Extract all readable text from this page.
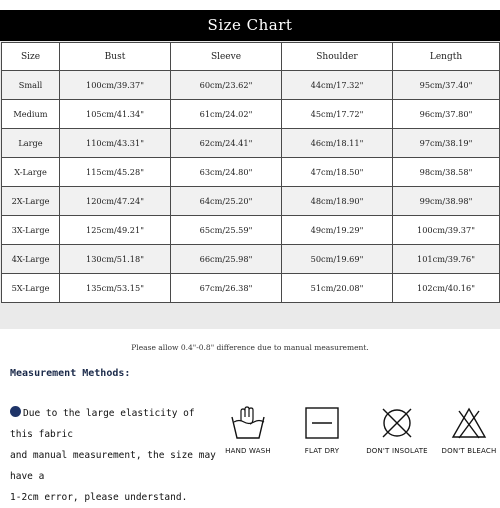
Size Chart
Size	Bust	Sleeve	Shoulder	Length
Small	100cm/39.37"	60cm/23.62"	44cm/17.32"	95cm/37.40"
Medium	105cm/41.34"	61cm/24.02"	45cm/17.72"	96cm/37.80"
Large	110cm/43.31"	62cm/24.41"	46cm/18.11"	97cm/38.19"
X-Large	115cm/45.28"	63cm/24.80"	47cm/18.50"	98cm/38.58"
2X-Large	120cm/47.24"	64cm/25.20"	48cm/18.90"	99cm/38.98"
3X-Large	125cm/49.21"	65cm/25.59"	49cm/19.29"	100cm/39.37"
4X-Large	130cm/51.18"	66cm/25.98"	50cm/19.69"	101cm/39.76"
5X-Large	135cm/53.15"	67cm/26.38"	51cm/20.08"	102cm/40.16"
Please allow 0.4"-0.8" difference due to manual measurement.
Measurement Methods:
Due to the large elasticity of this fabric
and manual measurement, the size may have a
1-2cm error, please understand.
HAND WASH	FLAT DRY	DON'T INSOLATE	DON'T BLEACH
